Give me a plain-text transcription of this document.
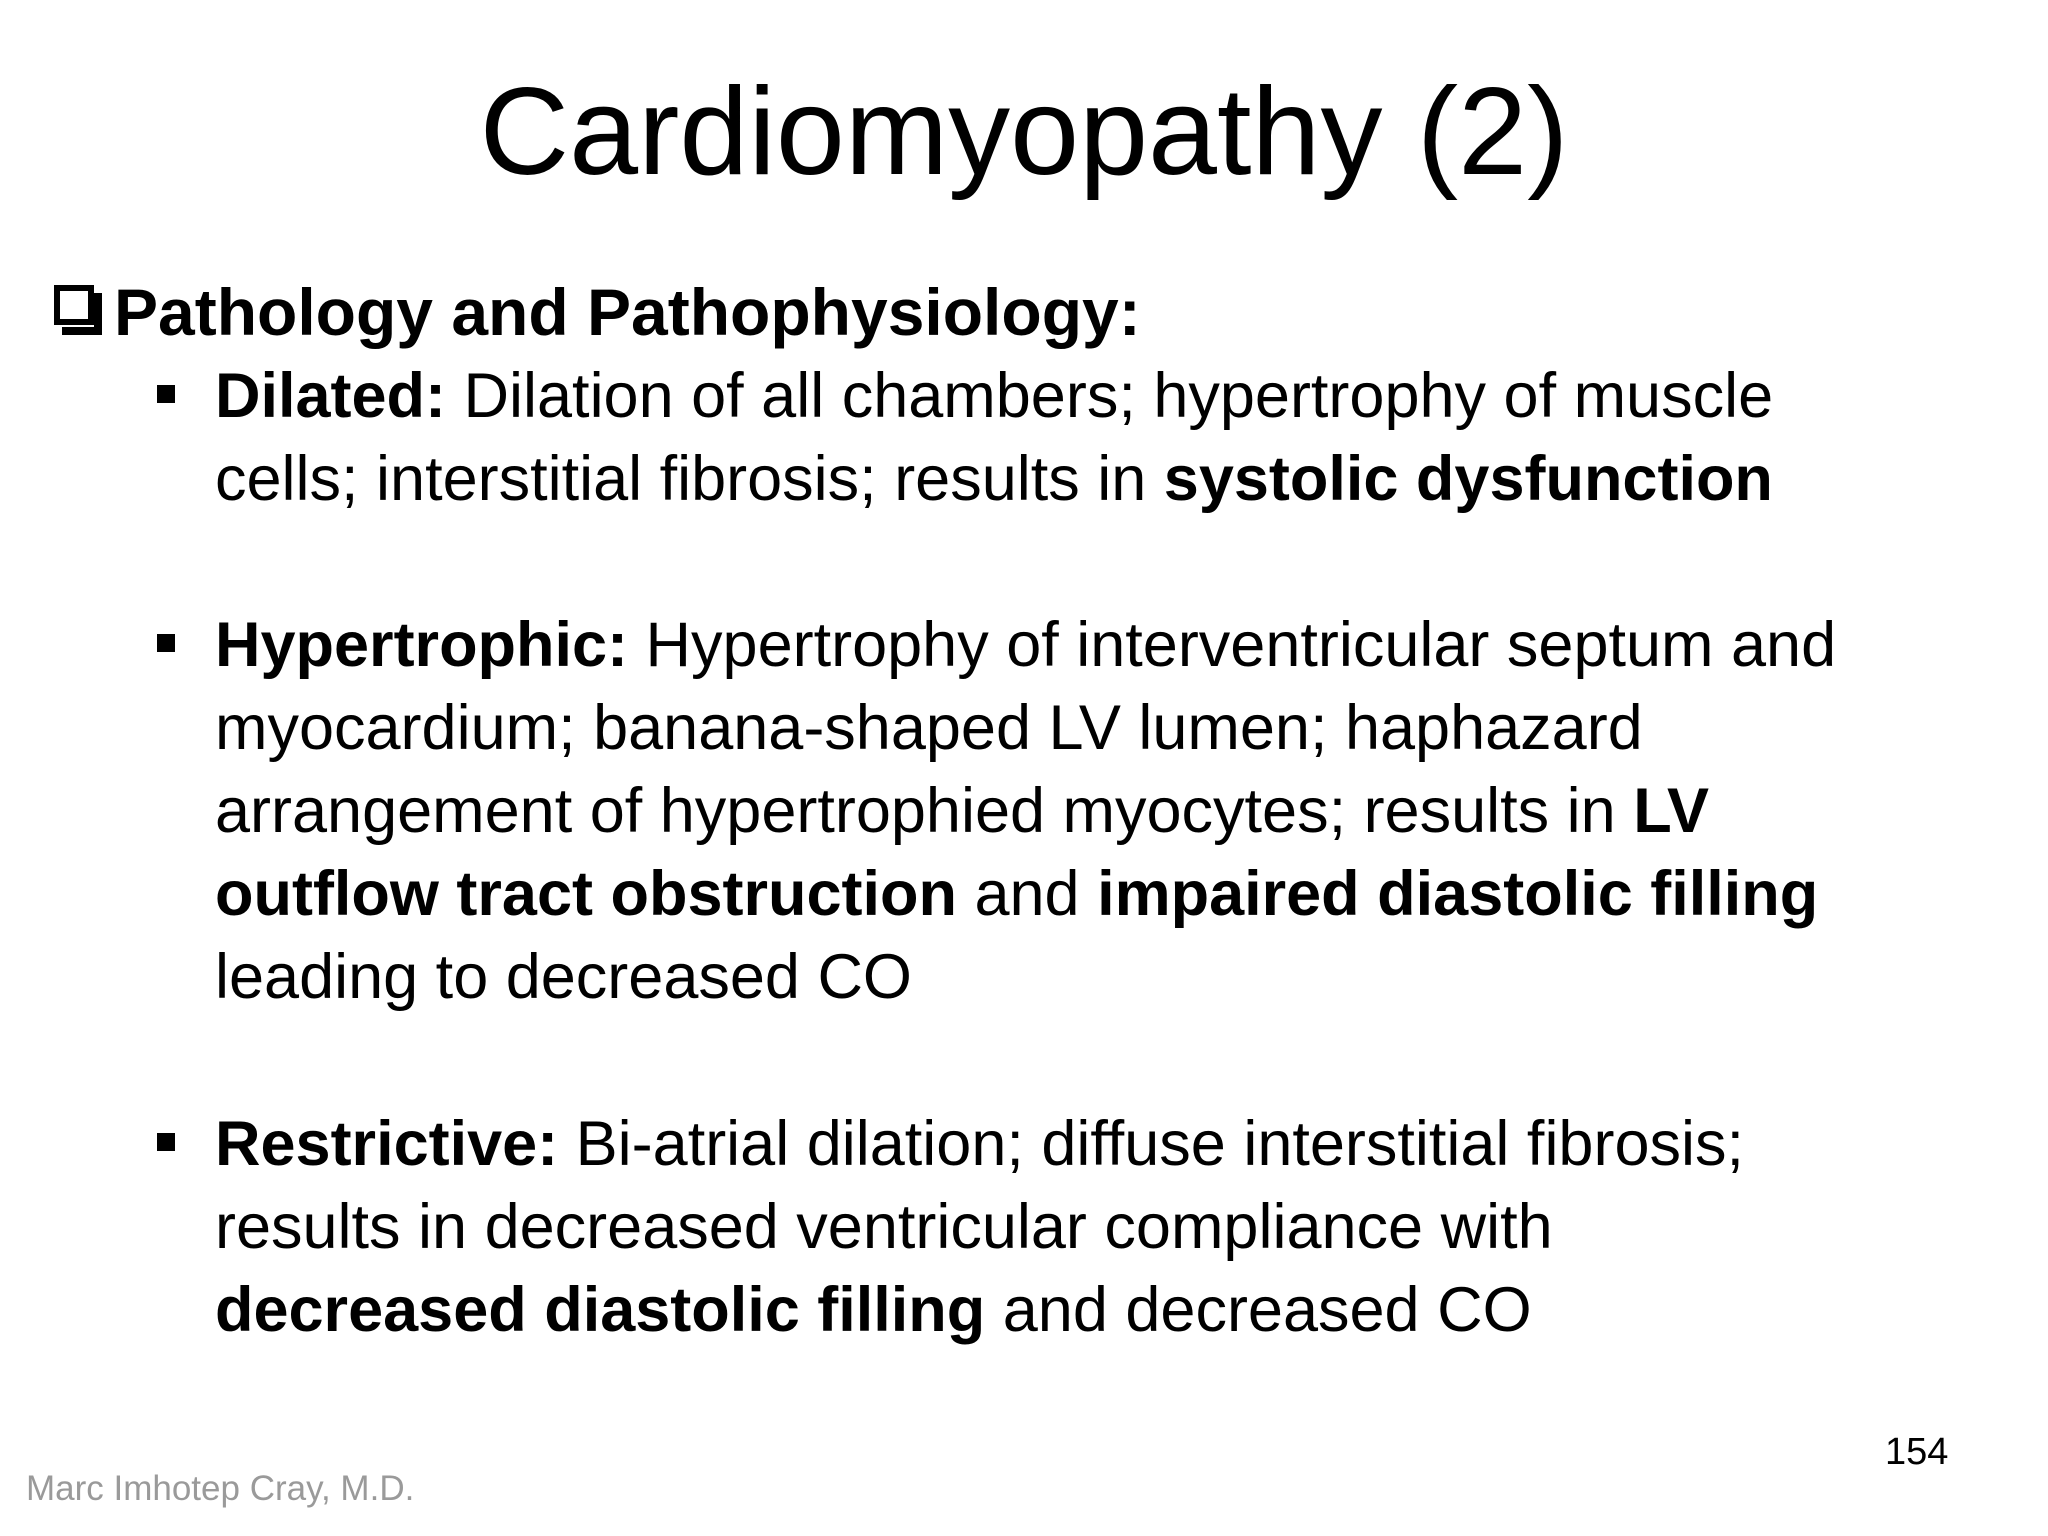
Cardiomyopathy (2)
Pathology and Pathophysiology:

Dilated: Dilation of all chambers; hypertrophy of muscle
cells; interstitial fibrosis; results in systolic dysfunction

Hypertrophic: Hypertrophy of interventricular septum and
myocardium; banana-shaped LV lumen; haphazard
arrangement of hypertrophied myocytes; results in LV
outflow tract obstruction and impaired diastolic filling
leading to decreased CO

Restrictive: Bi-atrial dilation; diffuse interstitial fibrosis;
results in decreased ventricular compliance with
decreased diastolic filling and decreased CO

154
Marc Imhotep Cray, M.D.
